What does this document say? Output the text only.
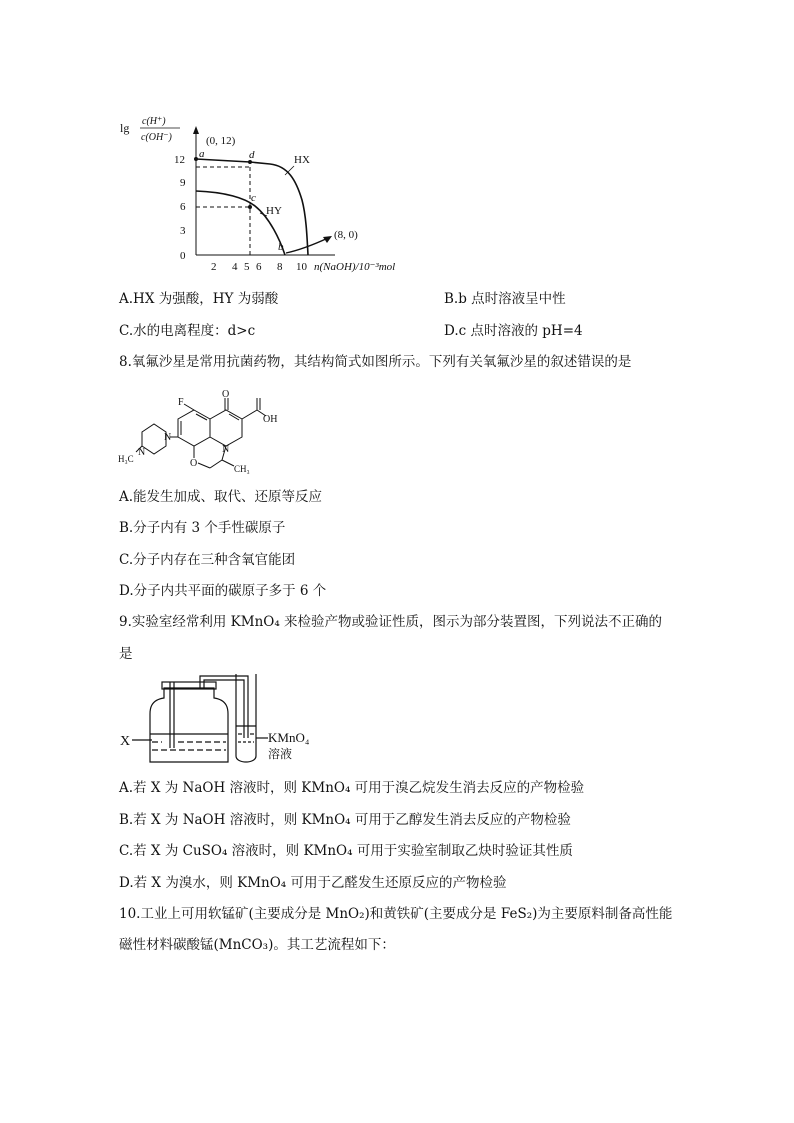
lg c(H⁺)
c(OH⁻)
12
9
6
3
0
2 4 5 6 8 10 n(NaOH)/10⁻³mol
a	d
c
b
(0, 12)
(8, 0)
HX
HY
A.HX 为强酸，HY 为弱酸	B.b 点时溶液呈中性
C.水的电离程度：d>c	D.c 点时溶液的 pH=4
8.氧氟沙星是常用抗菌药物，其结构简式如图所示。下列有关氧氟沙星的叙述错误的是
F
O
OH
N
N
N
O
H₃C
CH₃
A.能发生加成、取代、还原等反应
B.分子内有 3 个手性碳原子
C.分子内存在三种含氧官能团
D.分子内共平面的碳原子多于 6 个
9.实验室经常利用 KMnO₄ 来检验产物或验证性质，图示为部分装置图，下列说法不正确的
是
X	KMnO₄
溶液
A.若 X 为 NaOH 溶液时，则 KMnO₄ 可用于溴乙烷发生消去反应的产物检验
B.若 X 为 NaOH 溶液时，则 KMnO₄ 可用于乙醇发生消去反应的产物检验
C.若 X 为 CuSO₄ 溶液时，则 KMnO₄ 可用于实验室制取乙炔时验证其性质
D.若 X 为溴水，则 KMnO₄ 可用于乙醛发生还原反应的产物检验
10.工业上可用软锰矿(主要成分是 MnO₂)和黄铁矿(主要成分是 FeS₂)为主要原料制备高性能
磁性材料碳酸锰(MnCO₃)。其工艺流程如下：
